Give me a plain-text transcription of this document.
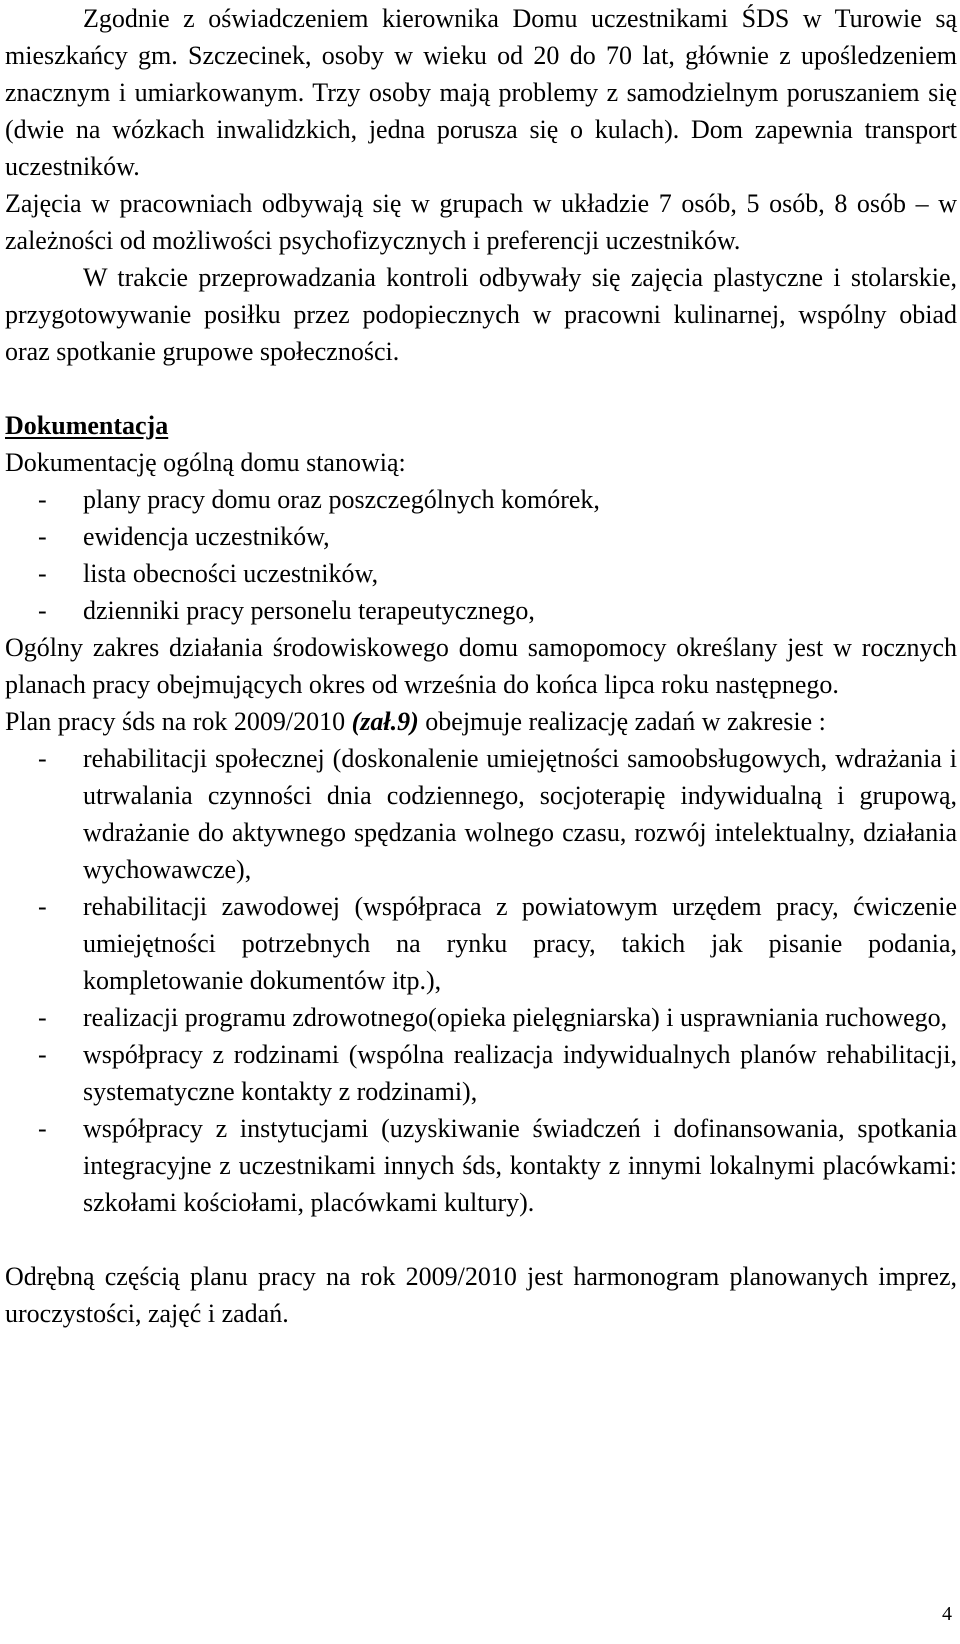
Zgodnie z oświadczeniem kierownika Domu uczestnikami ŚDS w Turowie są mieszkańcy gm. Szczecinek, osoby w wieku od 20 do 70 lat, głównie z upośledzeniem znacznym i umiarkowanym. Trzy osoby mają problemy z samodzielnym poruszaniem się (dwie na wózkach inwalidzkich, jedna porusza się o kulach). Dom zapewnia transport uczestników.

Zajęcia w pracowniach odbywają się w grupach w układzie 7 osób, 5 osób, 8 osób – w zależności od możliwości psychofizycznych i preferencji uczestników.

W trakcie przeprowadzania kontroli odbywały się zajęcia plastyczne i stolarskie, przygotowywanie posiłku przez podopiecznych w pracowni kulinarnej, wspólny obiad oraz spotkanie grupowe społeczności.

Dokumentacja

Dokumentację ogólną domu stanowią:

- plany pracy domu oraz poszczególnych komórek,
- ewidencja uczestników,
- lista obecności uczestników,
- dzienniki pracy personelu terapeutycznego,

Ogólny zakres działania środowiskowego domu samopomocy określany jest w rocznych planach pracy obejmujących okres od września do końca lipca roku następnego.

Plan pracy śds na rok 2009/2010 (zał.9) obejmuje realizację zadań w zakresie :

- rehabilitacji społecznej (doskonalenie umiejętności samoobsługowych, wdrażania i utrwalania czynności dnia codziennego, socjoterapię indywidualną i grupową, wdrażanie do aktywnego spędzania wolnego czasu, rozwój intelektualny, działania wychowawcze),
- rehabilitacji zawodowej (współpraca z powiatowym urzędem pracy, ćwiczenie umiejętności potrzebnych na rynku pracy, takich jak pisanie podania, kompletowanie dokumentów itp.),
- realizacji programu zdrowotnego(opieka pielęgniarska) i usprawniania ruchowego,
- współpracy z rodzinami (wspólna realizacja indywidualnych planów rehabilitacji, systematyczne kontakty z rodzinami),
- współpracy z instytucjami (uzyskiwanie świadczeń i dofinansowania, spotkania integracyjne z uczestnikami innych śds, kontakty z innymi lokalnymi placówkami: szkołami kościołami, placówkami kultury).

Odrębną częścią planu pracy na rok 2009/2010 jest harmonogram planowanych imprez, uroczystości, zajęć i zadań.

4
